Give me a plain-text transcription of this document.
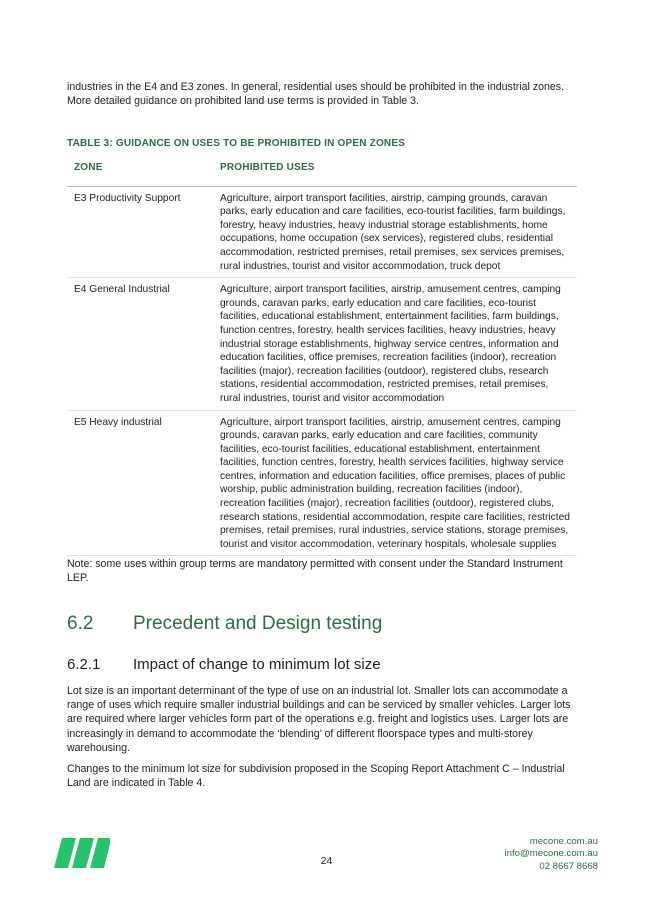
industries in the E4 and E3 zones. In general, residential uses should be prohibited in the industrial zones. More detailed guidance on prohibited land use terms is provided in Table 3.

TABLE 3: GUIDANCE ON USES TO BE PROHIBITED IN OPEN ZONES

ZONE	PROHIBITED USES
E3 Productivity Support	Agriculture, airport transport facilities, airstrip, camping grounds, caravan parks, early education and care facilities, eco-tourist facilities, farm buildings, forestry, heavy industries, heavy industrial storage establishments, home occupations, home occupation (sex services), registered clubs, residential accommodation, restricted premises, retail premises, sex services premises, rural industries, tourist and visitor accommodation, truck depot
E4 General Industrial	Agriculture, airport transport facilities, airstrip, amusement centres, camping grounds, caravan parks, early education and care facilities, eco-tourist facilities, educational establishment, entertainment facilities, farm buildings, function centres, forestry, health services facilities, heavy industries, heavy industrial storage establishments, highway service centres, information and education facilities, office premises, recreation facilities (indoor), recreation facilities (major), recreation facilities (outdoor), registered clubs, research stations, residential accommodation, restricted premises, retail premises, rural industries, tourist and visitor accommodation
E5 Heavy industrial	Agriculture, airport transport facilities, airstrip, amusement centres, camping grounds, caravan parks, early education and care facilities, community facilities, eco-tourist facilities, educational establishment, entertainment facilities, function centres, forestry, health services facilities, highway service centres, information and education facilities, office premises, places of public worship, public administration building, recreation facilities (indoor), recreation facilities (major), recreation facilities (outdoor), registered clubs, research stations, residential accommodation, respite care facilities, restricted premises, retail premises, rural industries, service stations, storage premises, tourist and visitor accommodation, veterinary hospitals, wholesale supplies

Note: some uses within group terms are mandatory permitted with consent under the Standard Instrument LEP.

6.2 Precedent and Design testing
6.2.1 Impact of change to minimum lot size

Lot size is an important determinant of the type of use on an industrial lot. Smaller lots can accommodate a range of uses which require smaller industrial buildings and can be serviced by smaller vehicles. Larger lots are required where larger vehicles form part of the operations e.g. freight and logistics uses. Larger lots are increasingly in demand to accommodate the ‘blending’ of different floorspace types and multi-storey warehousing.

Changes to the minimum lot size for subdivision proposed in the Scoping Report Attachment C – Industrial Land are indicated in Table 4.

24

mecone.com.au
info@mecone.com.au
02 8667 8668
